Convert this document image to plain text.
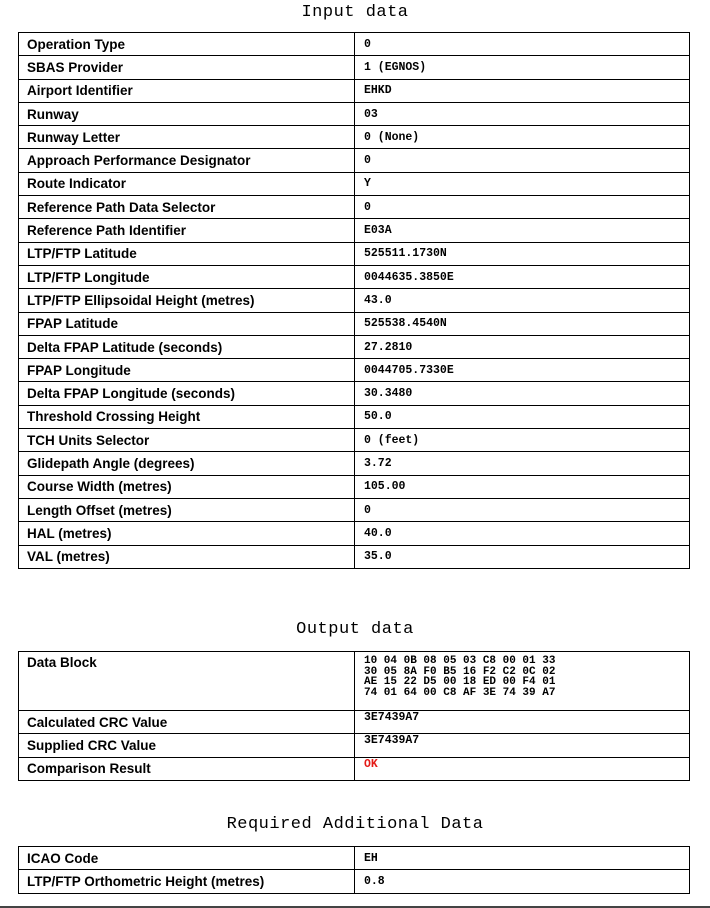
Input data
Operation Type	0
SBAS Provider	1 (EGNOS)
Airport Identifier	EHKD
Runway	03
Runway Letter	0 (None)
Approach Performance Designator	0
Route Indicator	Y
Reference Path Data Selector	0
Reference Path Identifier	E03A
LTP/FTP Latitude	525511.1730N
LTP/FTP Longitude	0044635.3850E
LTP/FTP Ellipsoidal Height (metres)	43.0
FPAP Latitude	525538.4540N
Delta FPAP Latitude (seconds)	27.2810
FPAP Longitude	0044705.7330E
Delta FPAP Longitude (seconds)	30.3480
Threshold Crossing Height	50.0
TCH Units Selector	0 (feet)
Glidepath Angle (degrees)	3.72
Course Width (metres)	105.00
Length Offset (metres)	0
HAL (metres)	40.0
VAL (metres)	35.0
Output data
Data Block	10 04 0B 08 05 03 C8 00 01 33
30 05 8A F0 B5 16 F2 C2 0C 02
AE 15 22 D5 00 18 ED 00 F4 01
74 01 64 00 C8 AF 3E 74 39 A7

Calculated CRC Value	3E7439A7
Supplied CRC Value	3E7439A7
Comparison Result	OK
Required Additional Data
ICAO Code	EH
LTP/FTP Orthometric Height (metres)	0.8
